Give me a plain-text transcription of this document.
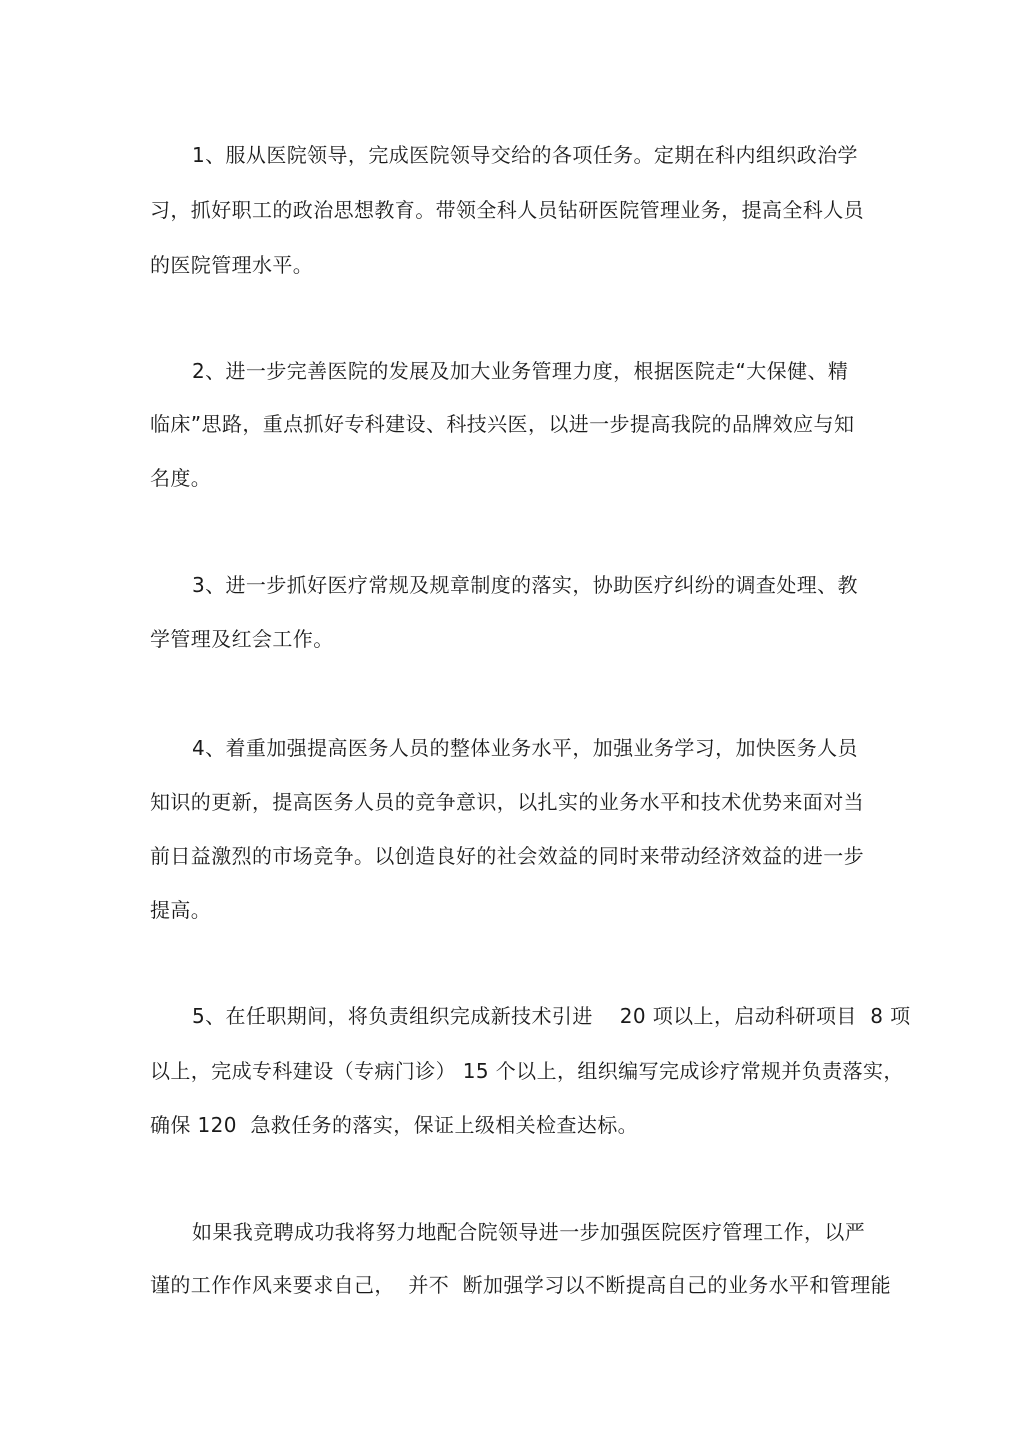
1、服从医院领导，完成医院领导交给的各项任务。定期在科内组织政治学
习，抓好职工的政治思想教育。带领全科人员钻研医院管理业务，提高全科人员
的医院管理水平。
2、进一步完善医院的发展及加大业务管理力度，根据医院走“大保健、精
临床”思路，重点抓好专科建设、科技兴医，以进一步提高我院的品牌效应与知
名度。
3、进一步抓好医疗常规及规章制度的落实，协助医疗纠纷的调查处理、教
学管理及红会工作。
4、着重加强提高医务人员的整体业务水平，加强业务学习，加快医务人员
知识的更新，提高医务人员的竞争意识，以扎实的业务水平和技术优势来面对当
前日益激烈的市场竞争。以创造良好的社会效益的同时来带动经济效益的进一步
提高。
5、在任职期间，将负责组织完成新技术引进    20 项以上，启动科研项目  8 项
以上，完成专科建设（专病门诊） 15 个以上，组织编写完成诊疗常规并负责落实，
确保 120  急救任务的落实，保证上级相关检查达标。
如果我竞聘成功我将努力地配合院领导进一步加强医院医疗管理工作，以严
谨的工作作风来要求自己，  并不  断加强学习以不断提高自己的业务水平和管理能
